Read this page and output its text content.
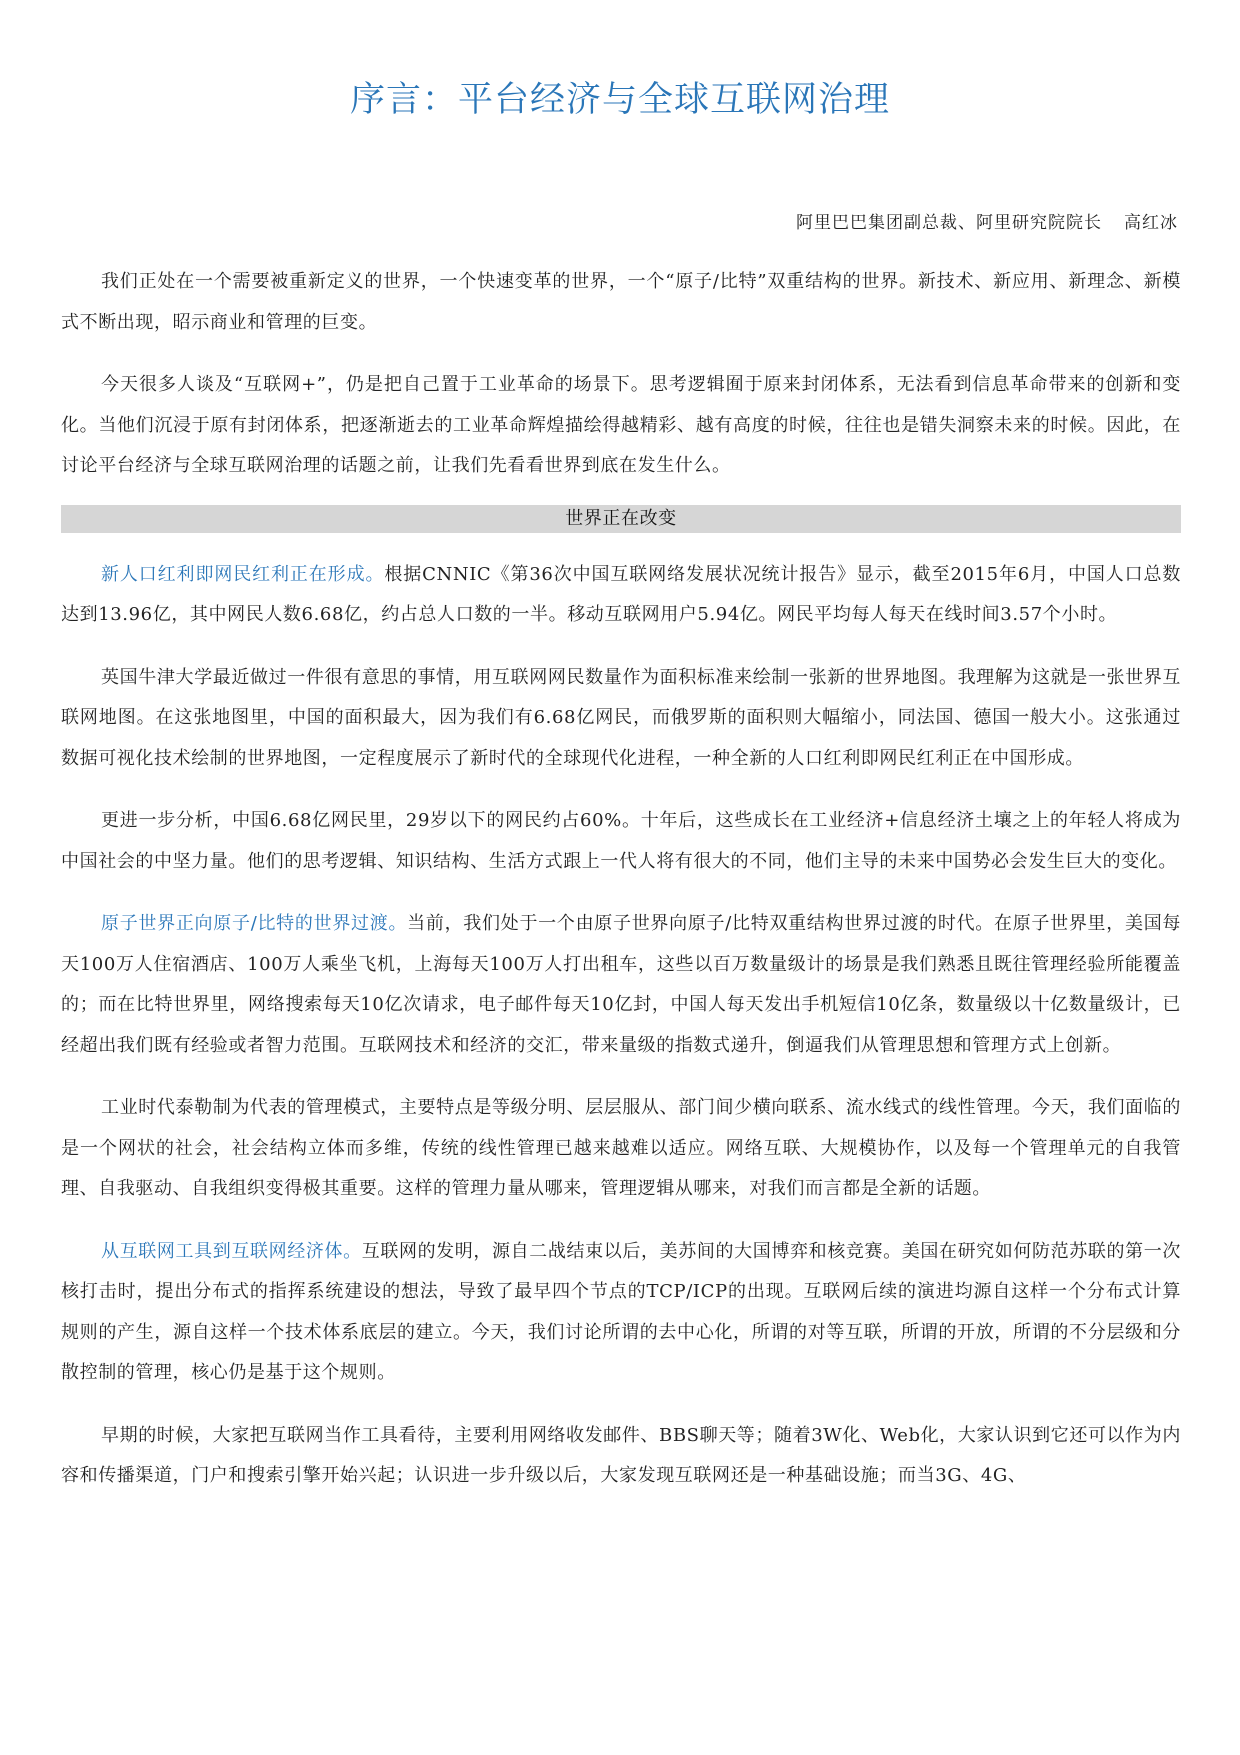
序言：平台经济与全球互联网治理
阿里巴巴集团副总裁、阿里研究院院长 高红冰

我们正处在一个需要被重新定义的世界，一个快速变革的世界，一个“原子/比特”双重结构的世界。新技术、新应用、新理念、新模式不断出现，昭示商业和管理的巨变。

今天很多人谈及“互联网+”，仍是把自己置于工业革命的场景下。思考逻辑囿于原来封闭体系，无法看到信息革命带来的创新和变化。当他们沉浸于原有封闭体系，把逐渐逝去的工业革命辉煌描绘得越精彩、越有高度的时候，往往也是错失洞察未来的时候。因此，在讨论平台经济与全球互联网治理的话题之前，让我们先看看世界到底在发生什么。

世界正在改变

新人口红利即网民红利正在形成。根据CNNIC《第36次中国互联网络发展状况统计报告》显示，截至2015年6月，中国人口总数达到13.96亿，其中网民人数6.68亿，约占总人口数的一半。移动互联网用户5.94亿。网民平均每人每天在线时间3.57个小时。

英国牛津大学最近做过一件很有意思的事情，用互联网网民数量作为面积标准来绘制一张新的世界地图。我理解为这就是一张世界互联网地图。在这张地图里，中国的面积最大，因为我们有6.68亿网民，而俄罗斯的面积则大幅缩小，同法国、德国一般大小。这张通过数据可视化技术绘制的世界地图，一定程度展示了新时代的全球现代化进程，一种全新的人口红利即网民红利正在中国形成。

更进一步分析，中国6.68亿网民里，29岁以下的网民约占60%。十年后，这些成长在工业经济+信息经济土壤之上的年轻人将成为中国社会的中坚力量。他们的思考逻辑、知识结构、生活方式跟上一代人将有很大的不同，他们主导的未来中国势必会发生巨大的变化。

原子世界正向原子/比特的世界过渡。当前，我们处于一个由原子世界向原子/比特双重结构世界过渡的时代。在原子世界里，美国每天100万人住宿酒店、100万人乘坐飞机，上海每天100万人打出租车，这些以百万数量级计的场景是我们熟悉且既往管理经验所能覆盖的；而在比特世界里，网络搜索每天10亿次请求，电子邮件每天10亿封，中国人每天发出手机短信10亿条，数量级以十亿数量级计，已经超出我们既有经验或者智力范围。互联网技术和经济的交汇，带来量级的指数式递升，倒逼我们从管理思想和管理方式上创新。

工业时代泰勒制为代表的管理模式，主要特点是等级分明、层层服从、部门间少横向联系、流水线式的线性管理。今天，我们面临的是一个网状的社会，社会结构立体而多维，传统的线性管理已越来越难以适应。网络互联、大规模协作，以及每一个管理单元的自我管理、自我驱动、自我组织变得极其重要。这样的管理力量从哪来，管理逻辑从哪来，对我们而言都是全新的话题。

从互联网工具到互联网经济体。互联网的发明，源自二战结束以后，美苏间的大国博弈和核竞赛。美国在研究如何防范苏联的第一次核打击时，提出分布式的指挥系统建设的想法，导致了最早四个节点的TCP/ICP的出现。互联网后续的演进均源自这样一个分布式计算规则的产生，源自这样一个技术体系底层的建立。今天，我们讨论所谓的去中心化，所谓的对等互联，所谓的开放，所谓的不分层级和分散控制的管理，核心仍是基于这个规则。

早期的时候，大家把互联网当作工具看待，主要利用网络收发邮件、BBS聊天等；随着3W化、Web化，大家认识到它还可以作为内容和传播渠道，门户和搜索引擎开始兴起；认识进一步升级以后，大家发现互联网还是一种基础设施；而当3G、4G、
